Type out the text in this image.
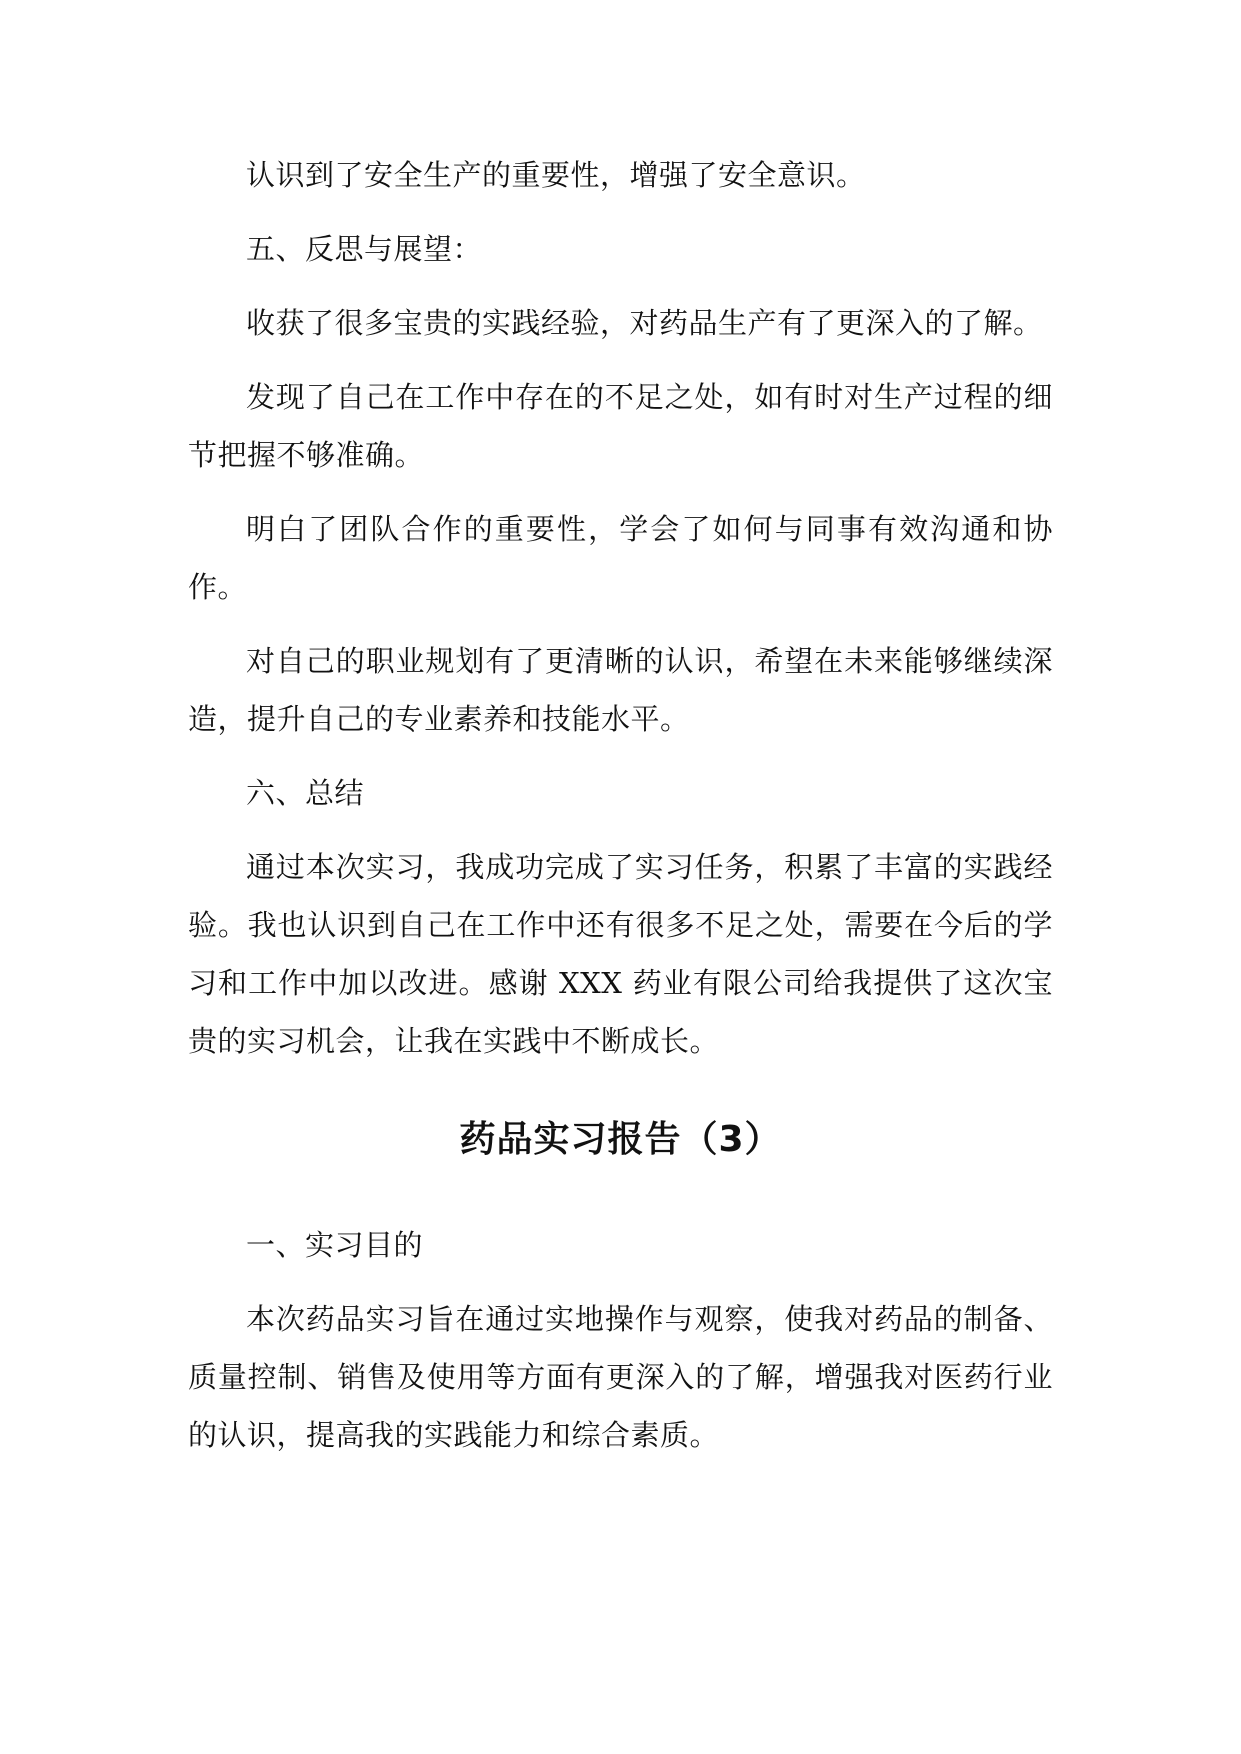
认识到了安全生产的重要性，增强了安全意识。

五、反思与展望：

收获了很多宝贵的实践经验，对药品生产有了更深入的了解。

发现了自己在工作中存在的不足之处，如有时对生产过程的细节把握不够准确。

明白了团队合作的重要性，学会了如何与同事有效沟通和协作。

对自己的职业规划有了更清晰的认识，希望在未来能够继续深造，提升自己的专业素养和技能水平。

六、总结

通过本次实习，我成功完成了实习任务，积累了丰富的实践经验。我也认识到自己在工作中还有很多不足之处，需要在今后的学习和工作中加以改进。感谢 XXX 药业有限公司给我提供了这次宝贵的实习机会，让我在实践中不断成长。

药品实习报告（3）

一、实习目的

本次药品实习旨在通过实地操作与观察，使我对药品的制备、质量控制、销售及使用等方面有更深入的了解，增强我对医药行业的认识，提高我的实践能力和综合素质。
